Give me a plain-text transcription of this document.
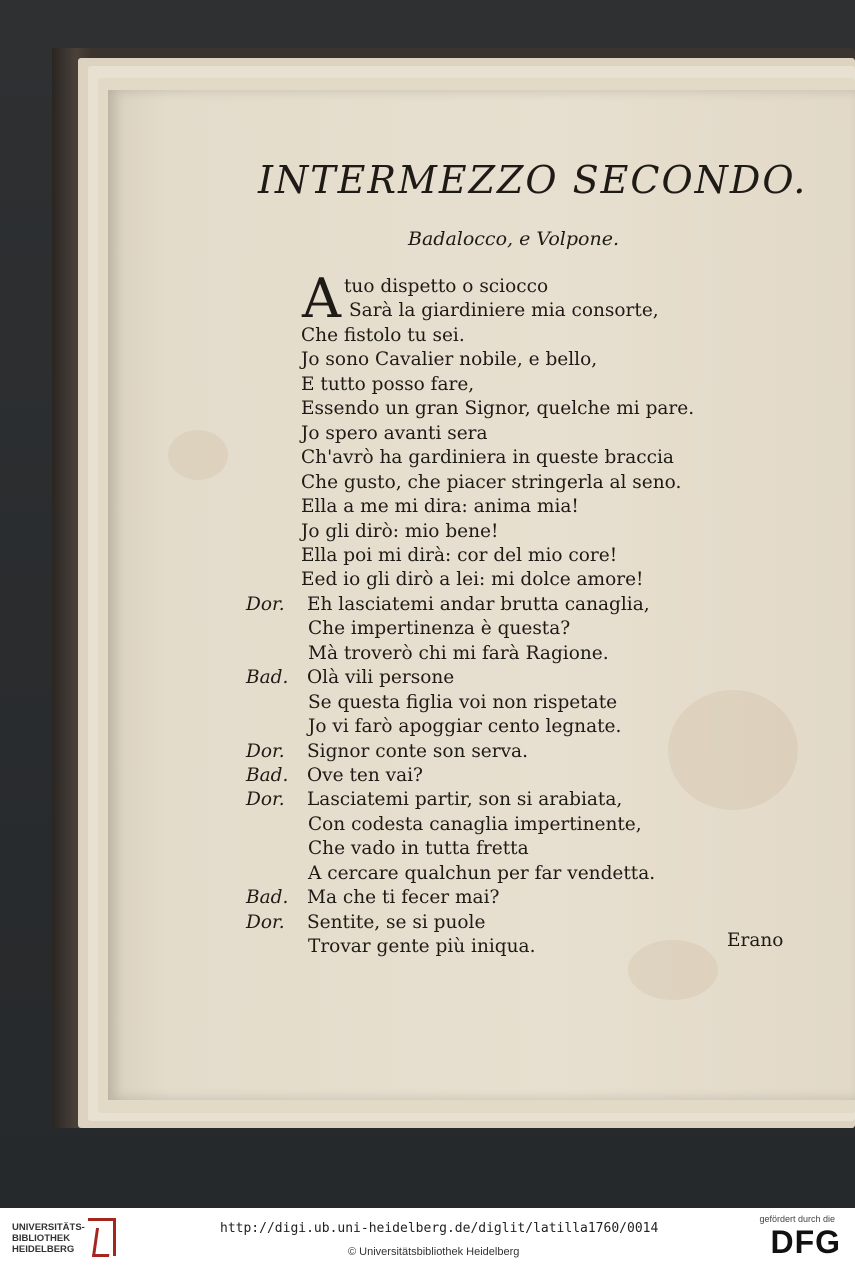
INTERMEZZO SECONDO.
Badalocco, e Volpone.
A tuo dispetto o sciocco
Sarà la giardiniere mia consorte,
Che fistolo tu sei.
Jo sono Cavalier nobile, e bello,
E tutto posso fare,
Essendo un gran Signor, quelche mi pare.
Jo spero avanti sera
Ch'avrò ha gardiniera in queste braccia
Che gusto, che piacer stringerla al seno.
Ella a me mi dira: anima mia!
Jo gli dirò: mio bene!
Ella poi mi dirà: cor del mio core!
Eed io gli dirò a lei: mi dolce amore!
Dor. Eh lasciatemi andar brutta canaglia,
Che impertinenza è questa?
Mà troverò chi mi farà Ragione.
Bad. Olà vili persone
Se questa figlia voi non rispetate
Jo vi farò apoggiar cento legnate.
Dor. Signor conte son serva.
Bad. Ove ten vai?
Dor. Lasciatemi partir, son si arabiata,
Con codesta canaglia impertinente,
Che vado in tutta fretta
A cercare qualchun per far vendetta.
Bad. Ma che ti fecer mai?
Dor. Sentite, se si puole
Trovar gente più iniqua.	Erano
UNIVERSITÄTS-
BIBLIOTHEK
HEIDELBERG
http://digi.ub.uni-heidelberg.de/diglit/latilla1760/0014
© Universitätsbibliothek Heidelberg
gefördert durch die
DFG
